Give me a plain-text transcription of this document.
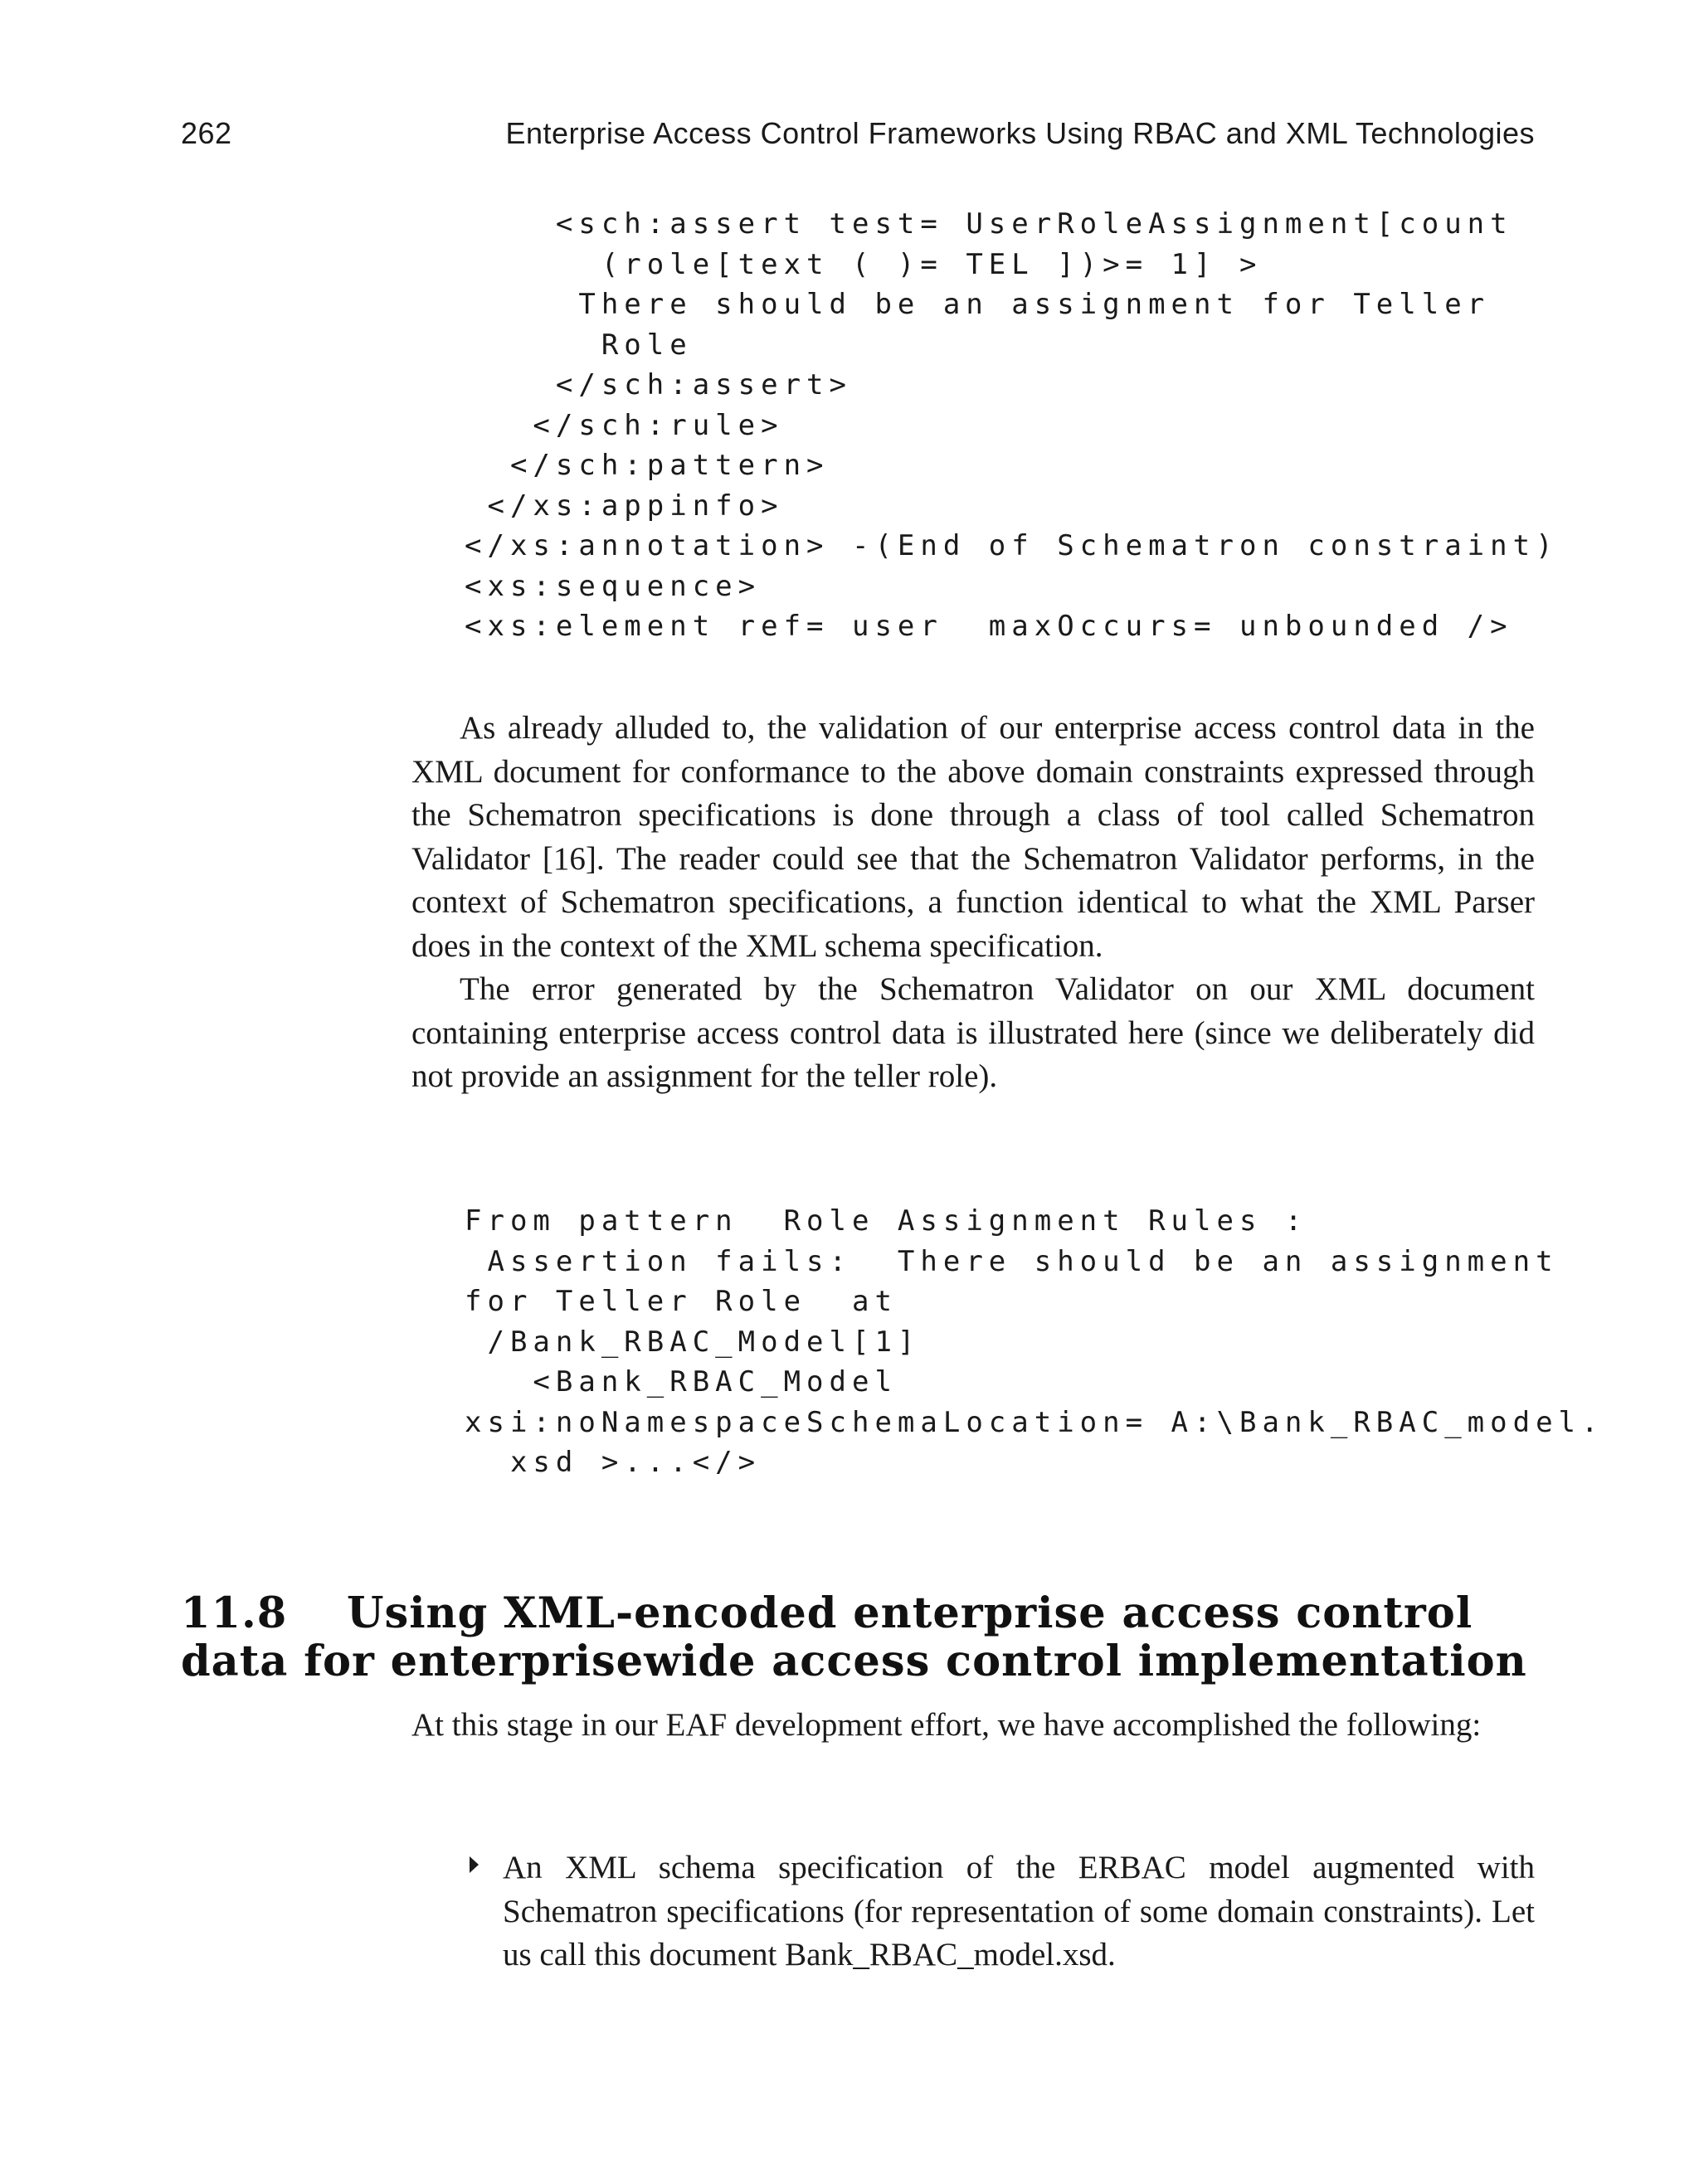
262	Enterprise Access Control Frameworks Using RBAC and XML Technologies
<sch:assert test= UserRoleAssignment[count
(role[text ( )= TEL ])>= 1] >
There should be an assignment for Teller
Role
</sch:assert>
</sch:rule>
</sch:pattern>
</xs:appinfo>
</xs:annotation> -(End of Schematron constraint)
<xs:sequence>
<xs:element ref= user  maxOccurs= unbounded />

As already alluded to, the validation of our enterprise access control data in the XML document for conformance to the above domain constraints expressed through the Schematron specifications is done through a class of tool called Schematron Validator [16]. The reader could see that the Schematron Validator performs, in the context of Schematron specifications, a function identical to what the XML Parser does in the context of the XML schema specification.

The error generated by the Schematron Validator on our XML document containing enterprise access control data is illustrated here (since we deliberately did not provide an assignment for the teller role).

From pattern  Role Assignment Rules :
Assertion fails:  There should be an assignment
for Teller Role  at
/Bank_RBAC_Model[1]
<Bank_RBAC_Model
xsi:noNamespaceSchemaLocation= A:\Bank_RBAC_model.
xsd >...</>
11.8 Using XML-encoded enterprise access control
data for enterprisewide access control implementation

At this stage in our EAF development effort, we have accomplished the following:

An XML schema specification of the ERBAC model augmented with Schematron specifications (for representation of some domain constraints). Let us call this document Bank_RBAC_model.xsd.
